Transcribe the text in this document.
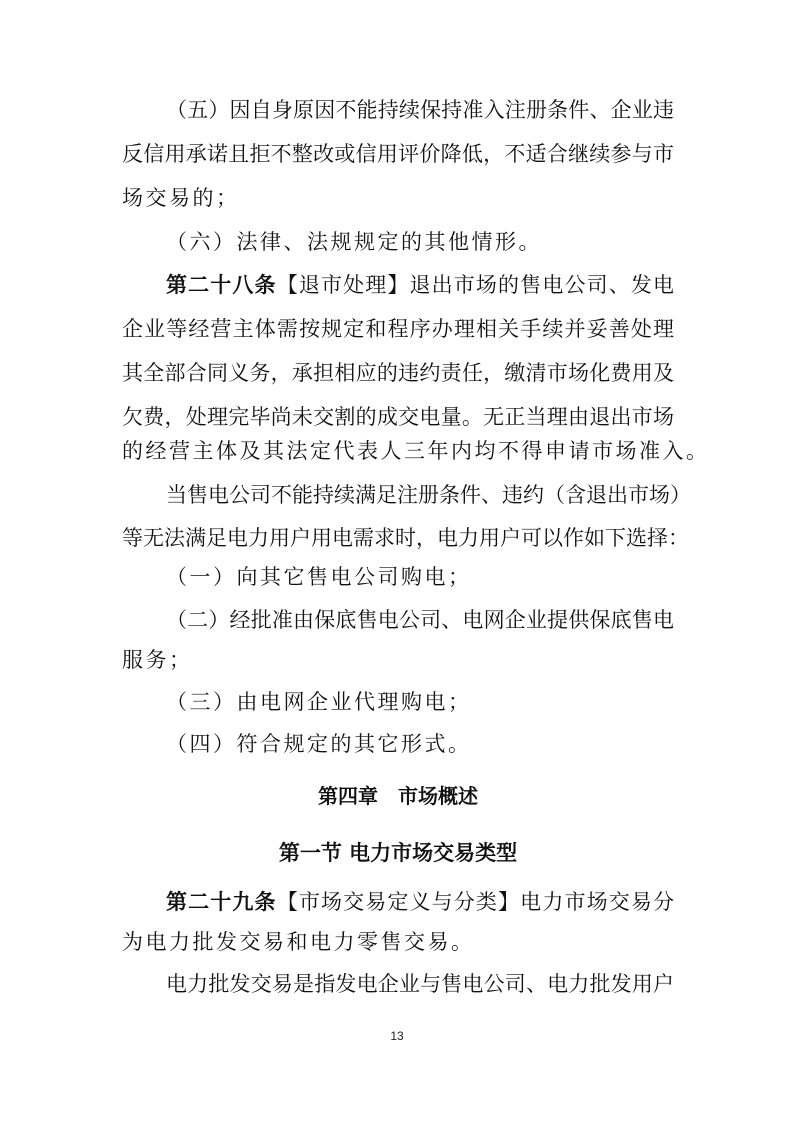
（五）因自身原因不能持续保持准入注册条件、企业违
反信用承诺且拒不整改或信用评价降低，不适合继续参与市
场交易的；
（六）法律、法规规定的其他情形。
第二十八条【退市处理】退出市场的售电公司、发电
企业等经营主体需按规定和程序办理相关手续并妥善处理
其全部合同义务，承担相应的违约责任，缴清市场化费用及
欠费，处理完毕尚未交割的成交电量。无正当理由退出市场
的经营主体及其法定代表人三年内均不得申请市场准入。
当售电公司不能持续满足注册条件、违约（含退出市场）
等无法满足电力用户用电需求时，电力用户可以作如下选择：
（一）向其它售电公司购电；
（二）经批准由保底售电公司、电网企业提供保底售电
服务；
（三）由电网企业代理购电；
（四）符合规定的其它形式。
第四章　市场概述
第一节 电力市场交易类型
第二十九条【市场交易定义与分类】电力市场交易分
为电力批发交易和电力零售交易。
电力批发交易是指发电企业与售电公司、电力批发用户
13
